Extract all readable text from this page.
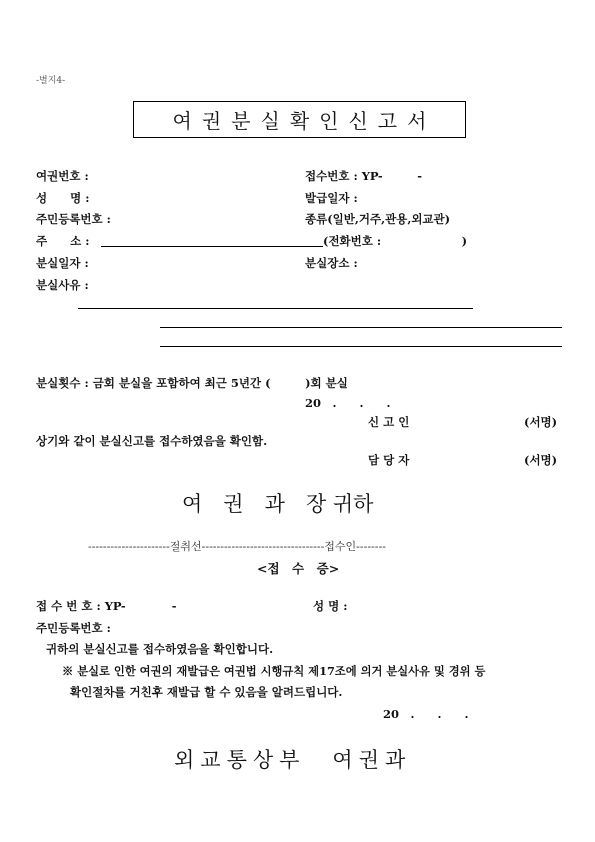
-별지4-
여권분실확인신고서
여권번호 :	접수번호 : YP-　　　-
성　　명 :	발급일자 :
주민등록번호 :	종류(일반,거주,관용,외교관)
주　　소 :	(전화번호 :　　　　　　　)
분실일자 :	분실장소 :
분실사유 :
분실횟수 : 금회 분실을 포함하여 최근 5년간 (　　　)회 분실
20　.　　.　　.
신 고 인	(서명)
상기와 같이 분실신고를 접수하였음을 확인함.
담 당 자	(서명)
여　권　과　장 귀하
----------------------절취선---------------------------------접수인--------
<접　수　증>
접 수 번 호 : YP-　　　　-	성 명 :
주민등록번호 :
귀하의 분실신고를 접수하였음을 확인합니다.
※ 분실로 인한 여권의 재발급은 여권법 시행규칙 제17조에 의거 분실사유 및 경위 등
확인절차를 거친후 재발급 할 수 있음을 알려드립니다.
20　.　　.　　.
외교통상부　여권과
